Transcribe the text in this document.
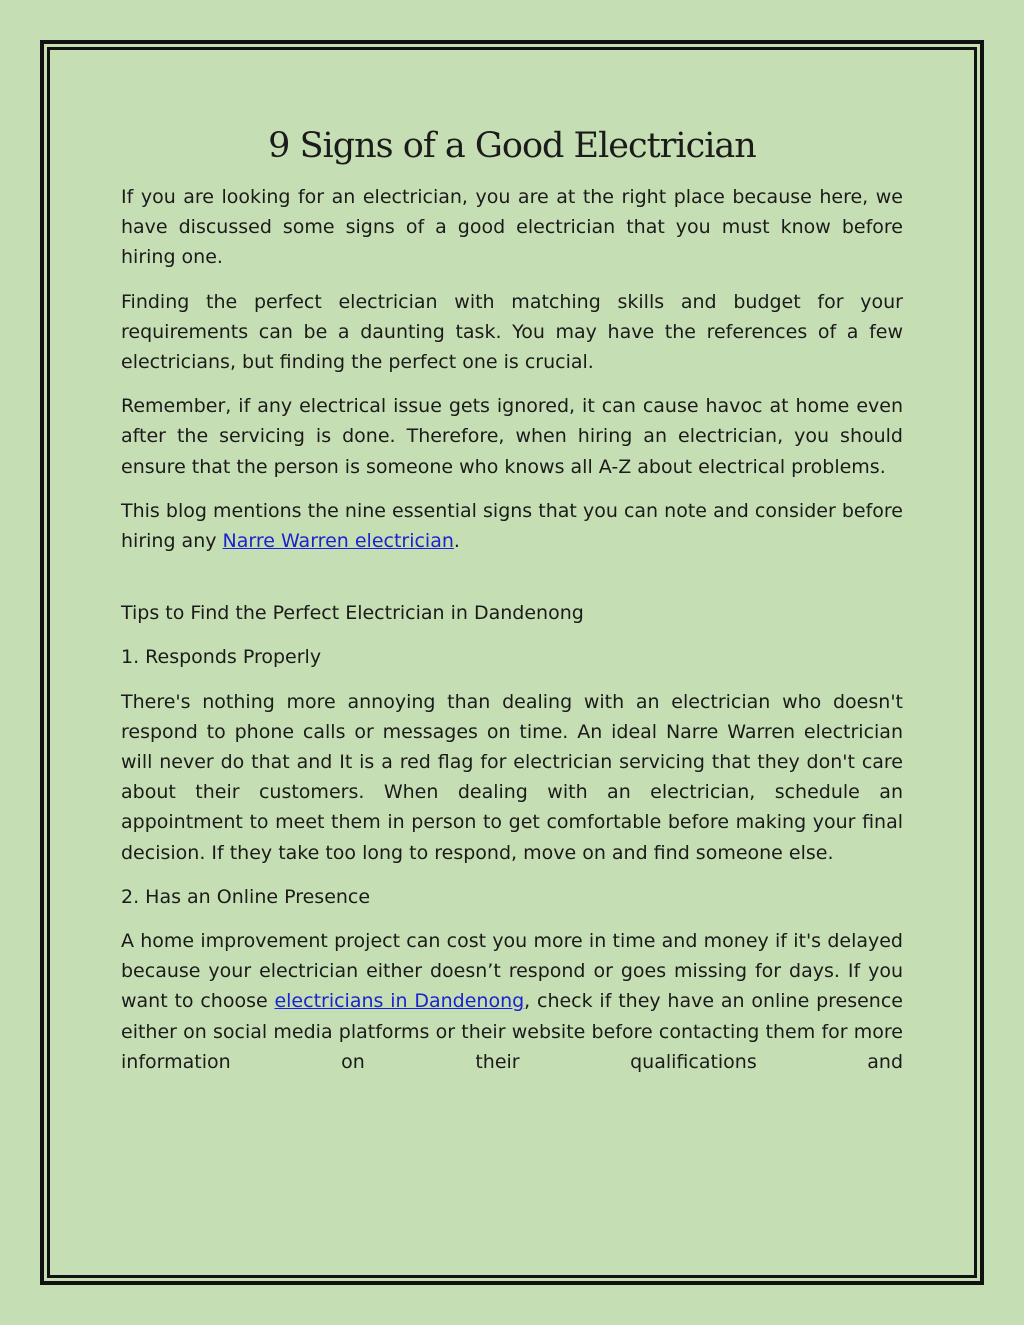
9 Signs of a Good Electrician

If you are looking for an electrician, you are at the right place because here, we have discussed some signs of a good electrician that you must know before hiring one.

Finding the perfect electrician with matching skills and budget for your requirements can be a daunting task. You may have the references of a few electricians, but finding the perfect one is crucial.

Remember, if any electrical issue gets ignored, it can cause havoc at home even after the servicing is done. Therefore, when hiring an electrician, you should ensure that the person is someone who knows all A-Z about electrical problems.

This blog mentions the nine essential signs that you can note and consider before hiring any Narre Warren electrician.

Tips to Find the Perfect Electrician in Dandenong

1. Responds Properly

There's nothing more annoying than dealing with an electrician who doesn't respond to phone calls or messages on time. An ideal Narre Warren electrician will never do that and It is a red flag for electrician servicing that they don't care about their customers. When dealing with an electrician, schedule an appointment to meet them in person to get comfortable before making your final decision. If they take too long to respond, move on and find someone else.

2. Has an Online Presence

A home improvement project can cost you more in time and money if it's delayed because your electrician either doesn’t respond or goes missing for days. If you want to choose electricians in Dandenong, check if they have an online presence either on social media platforms or their website before contacting them for more information on their qualifications and
